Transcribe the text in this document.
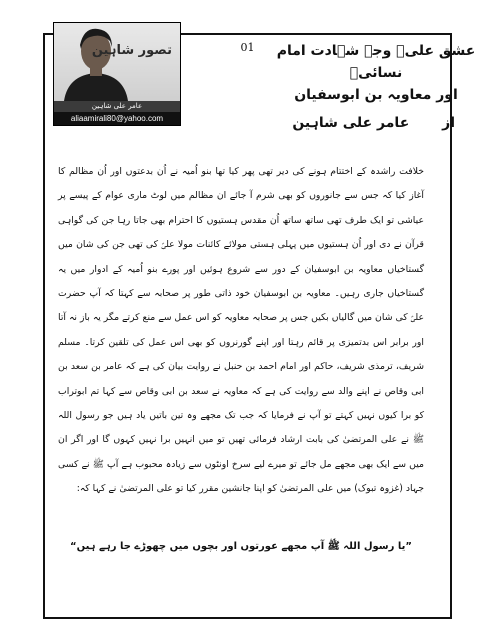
01
تصور شاہین
عامر علی شاہین
aliaamirali80@yahoo.com
عشق علیؑ وجہ شہادت امام نسائیؒ
اور معاویہ بن ابوسفیان
از عامر علی شاہین

خلافت راشدہ کے اختتام ہونے کی دیر تھی پھر کیا تھا بنو اُمیہ نے اُن بدعتوں اور اُن مظالم کا آغاز کیا کہ جس سے جانوروں کو بھی شرم آ جائے ان مظالم میں لوٹ ماری عوام کے پیسے پر عیاشی تو ایک طرف تھی ساتھ ساتھ اُن مقدس ہستیوں کا احترام بھی جاتا رہا جن کی گواہی قرآن نے دی اور اُن ہستیوں میں پہلی ہستی مولائے کائنات مولا علیؑ کی تھی جن کی شان میں گستاخیاں معاویہ بن ابوسفیان کے دور سے شروع ہوئیں اور پورے بنو اُمیہ کے ادوار میں یہ گستاخیاں جاری رہیں۔ معاویہ بن ابوسفیان خود ذاتی طور پر صحابہ سے کہتا کہ آپ حضرت علیؑ کی شان میں گالیاں بکیں جس پر صحابہ معاویہ کو اس عمل سے منع کرتے مگر یہ باز نہ آتا اور برابر اس بدتمیزی پر قائم رہتا اور اپنے گورنروں کو بھی اس عمل کی تلقین کرتا۔ مسلم شریف، ترمذی شریف، حاکم اور امام احمد بن حنبل نے روایت بیان کی ہے کہ عامر بن سعد بن ابی وقاص نے اپنے والد سے روایت کی ہے کہ معاویہ نے سعد بن ابی وقاص سے کہا تم ابوتراب کو برا کیوں نہیں کہتے تو آپ نے فرمایا کہ جب تک مجھے وہ تین باتیں یاد ہیں جو رسول اللہ ﷺ نے علی المرتضیٰ کی بابت ارشاد فرمائی تھیں تو میں انہیں برا نہیں کہوں گا اور اگر ان میں سے ایک بھی مجھے مل جائے تو میرے لیے سرخ اونٹوں سے زیادہ محبوب ہے آپ ﷺ نے کسی جہاد (غزوہ تبوک) میں علی المرتضیٰ کو اپنا جانشین مقرر کیا تو علی المرتضیٰ نے کہا کہ:

”یا رسول اللہ ﷺ آپ مجھے عورتوں اور بچوں میں چھوڑے جا رہے ہیں“
